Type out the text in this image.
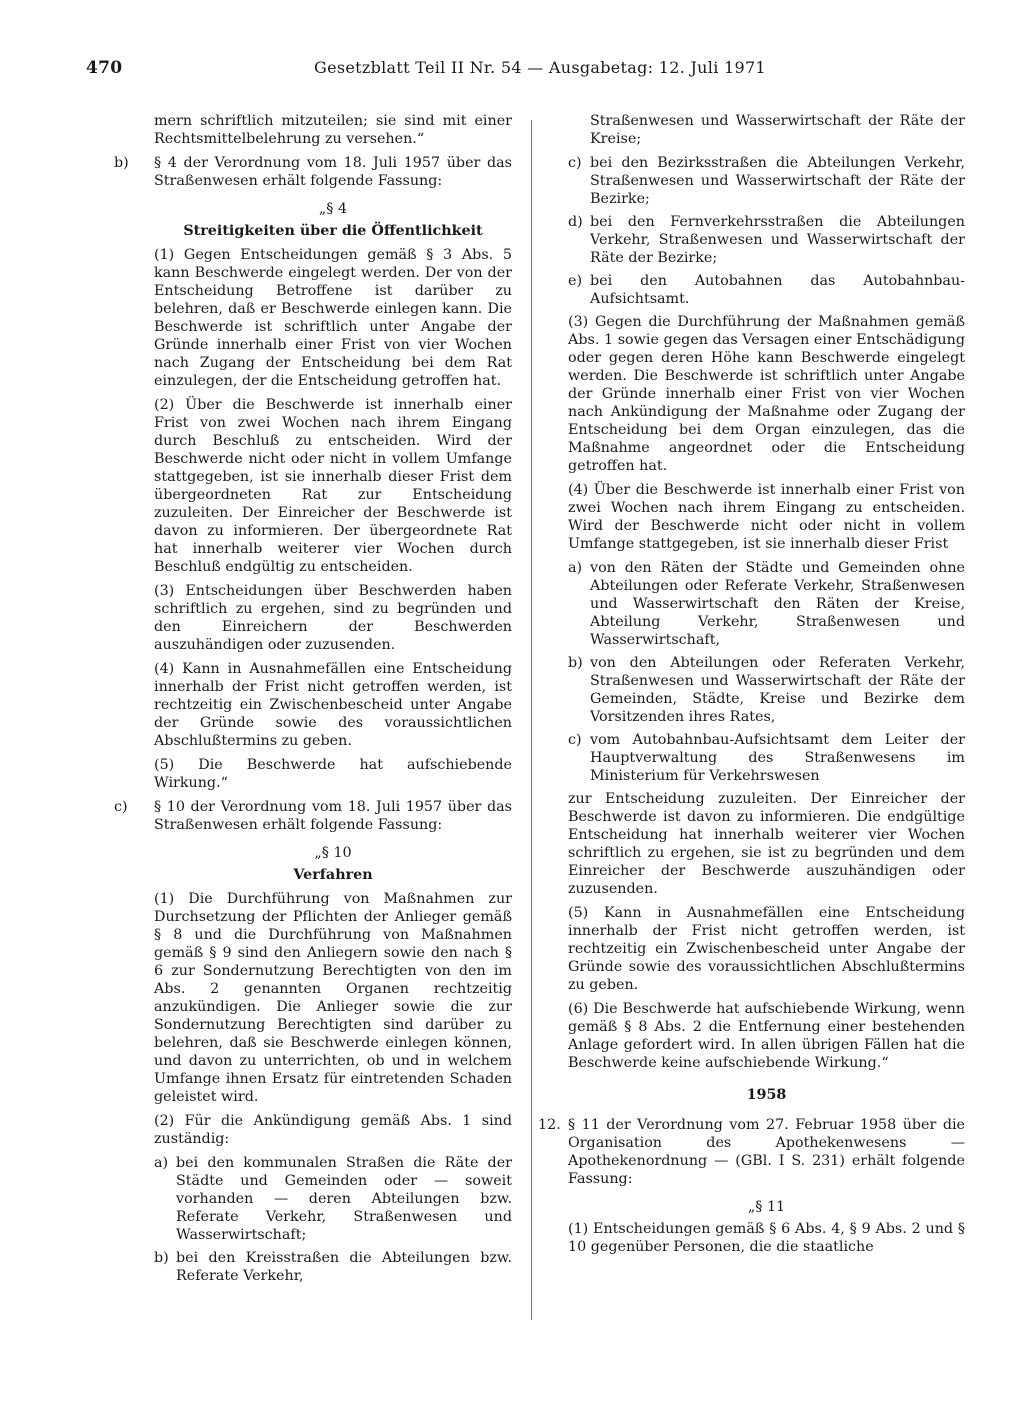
470	Gesetzblatt Teil II Nr. 54 — Ausgabetag: 12. Juli 1971

mern schriftlich mitzuteilen; sie sind mit einer Rechtsmittelbelehrung zu versehen.“

b)	§ 4 der Verordnung vom 18. Juli 1957 über das Straßenwesen erhält folgende Fassung:
„§ 4
Streitigkeiten über die Öffentlichkeit

(1) Gegen Entscheidungen gemäß § 3 Abs. 5 kann Beschwerde eingelegt werden. Der von der Entscheidung Betroffene ist darüber zu belehren, daß er Beschwerde einlegen kann. Die Beschwerde ist schriftlich unter Angabe der Gründe innerhalb einer Frist von vier Wochen nach Zugang der Entscheidung bei dem Rat einzulegen, der die Entscheidung getroffen hat.

(2) Über die Beschwerde ist innerhalb einer Frist von zwei Wochen nach ihrem Eingang durch Beschluß zu entscheiden. Wird der Beschwerde nicht oder nicht in vollem Umfange stattgegeben, ist sie innerhalb dieser Frist dem übergeordneten Rat zur Entscheidung zuzuleiten. Der Einreicher der Beschwerde ist davon zu informieren. Der übergeordnete Rat hat innerhalb weiterer vier Wochen durch Beschluß endgültig zu entscheiden.

(3) Entscheidungen über Beschwerden haben schriftlich zu ergehen, sind zu begründen und den Einreichern der Beschwerden auszuhändigen oder zuzusenden.

(4) Kann in Ausnahmefällen eine Entscheidung innerhalb der Frist nicht getroffen werden, ist rechtzeitig ein Zwischenbescheid unter Angabe der Gründe sowie des voraussichtlichen Abschlußtermins zu geben.

(5) Die Beschwerde hat aufschiebende Wirkung.“

c)	§ 10 der Verordnung vom 18. Juli 1957 über das Straßenwesen erhält folgende Fassung:
„§ 10
Verfahren

(1) Die Durchführung von Maßnahmen zur Durchsetzung der Pflichten der Anlieger gemäß § 8 und die Durchführung von Maßnahmen gemäß § 9 sind den Anliegern sowie den nach § 6 zur Sondernutzung Berechtigten von den im Abs. 2 genannten Organen rechtzeitig anzukündigen. Die Anlieger sowie die zur Sondernutzung Berechtigten sind darüber zu belehren, daß sie Beschwerde einlegen können, und davon zu unterrichten, ob und in welchem Umfange ihnen Ersatz für eintretenden Schaden geleistet wird.

(2) Für die Ankündigung gemäß Abs. 1 sind zuständig:

a) bei den kommunalen Straßen die Räte der Städte und Gemeinden oder — soweit vorhanden — deren Abteilungen bzw. Referate Verkehr, Straßenwesen und Wasserwirtschaft;
b) bei den Kreisstraßen die Abteilungen bzw. Referate Verkehr,

Straßenwesen und Wasserwirtschaft der Räte der Kreise;

c) bei den Bezirksstraßen die Abteilungen Verkehr, Straßenwesen und Wasserwirtschaft der Räte der Bezirke;
d) bei den Fernverkehrsstraßen die Abteilungen Verkehr, Straßenwesen und Wasserwirtschaft der Räte der Bezirke;
e) bei den Autobahnen das Autobahnbau-Aufsichtsamt.

(3) Gegen die Durchführung der Maßnahmen gemäß Abs. 1 sowie gegen das Versagen einer Entschädigung oder gegen deren Höhe kann Beschwerde eingelegt werden. Die Beschwerde ist schriftlich unter Angabe der Gründe innerhalb einer Frist von vier Wochen nach Ankündigung der Maßnahme oder Zugang der Entscheidung bei dem Organ einzulegen, das die Maßnahme angeordnet oder die Entscheidung getroffen hat.

(4) Über die Beschwerde ist innerhalb einer Frist von zwei Wochen nach ihrem Eingang zu entscheiden. Wird der Beschwerde nicht oder nicht in vollem Umfange stattgegeben, ist sie innerhalb dieser Frist

a) von den Räten der Städte und Gemeinden ohne Abteilungen oder Referate Verkehr, Straßenwesen und Wasserwirtschaft den Räten der Kreise, Abteilung Verkehr, Straßenwesen und Wasserwirtschaft,
b) von den Abteilungen oder Referaten Verkehr, Straßenwesen und Wasserwirtschaft der Räte der Gemeinden, Städte, Kreise und Bezirke dem Vorsitzenden ihres Rates,
c) vom Autobahnbau-Aufsichtsamt dem Leiter der Hauptverwaltung des Straßenwesens im Ministerium für Verkehrswesen

zur Entscheidung zuzuleiten. Der Einreicher der Beschwerde ist davon zu informieren. Die endgültige Entscheidung hat innerhalb weiterer vier Wochen schriftlich zu ergehen, sie ist zu begründen und dem Einreicher der Beschwerde auszuhändigen oder zuzusenden.

(5) Kann in Ausnahmefällen eine Entscheidung innerhalb der Frist nicht getroffen werden, ist rechtzeitig ein Zwischenbescheid unter Angabe der Gründe sowie des voraussichtlichen Abschlußtermins zu geben.

(6) Die Beschwerde hat aufschiebende Wirkung, wenn gemäß § 8 Abs. 2 die Entfernung einer bestehenden Anlage gefordert wird. In allen übrigen Fällen hat die Beschwerde keine aufschiebende Wirkung.“

1958
12. § 11 der Verordnung vom 27. Februar 1958 über die Organisation des Apothekenwesens — Apothekenordnung — (GBl. I S. 231) erhält folgende Fassung:
„§ 11

(1) Entscheidungen gemäß § 6 Abs. 4, § 9 Abs. 2 und § 10 gegenüber Personen, die die staatliche
